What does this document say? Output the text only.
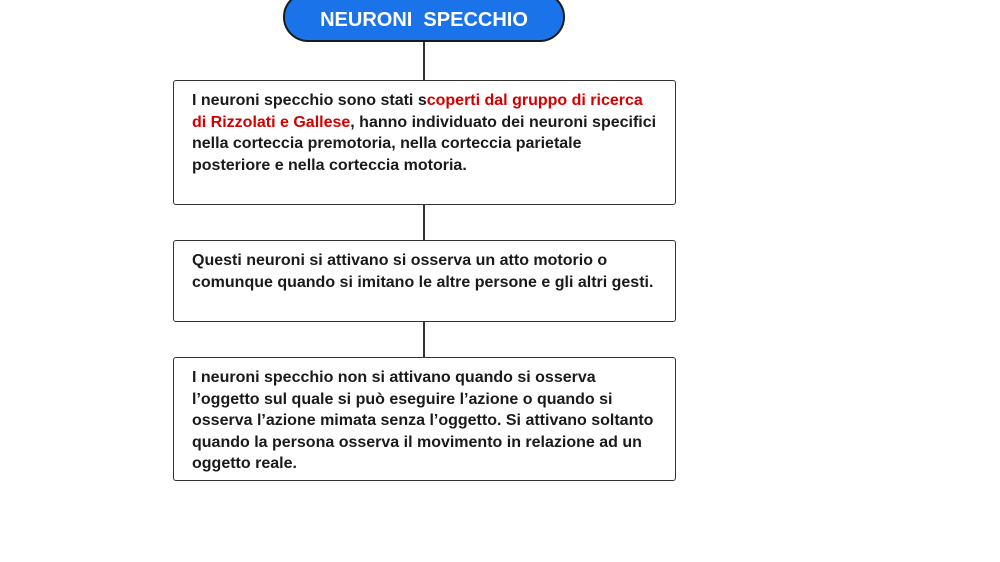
NEURONI  SPECCHIO
I neuroni specchio sono stati scoperti dal gruppo di ricerca di Rizzolati e Gallese, hanno individuato dei neuroni specifici nella corteccia premotoria, nella corteccia parietale posteriore e nella corteccia motoria.
Questi neuroni si attivano si osserva un atto motorio o comunque quando si imitano le altre persone e gli altri gesti.
I neuroni specchio non si attivano quando si osserva l’oggetto sul quale si può eseguire l’azione o quando si osserva l’azione mimata senza l’oggetto. Si attivano soltanto quando la persona osserva il movimento in relazione ad un oggetto reale.
